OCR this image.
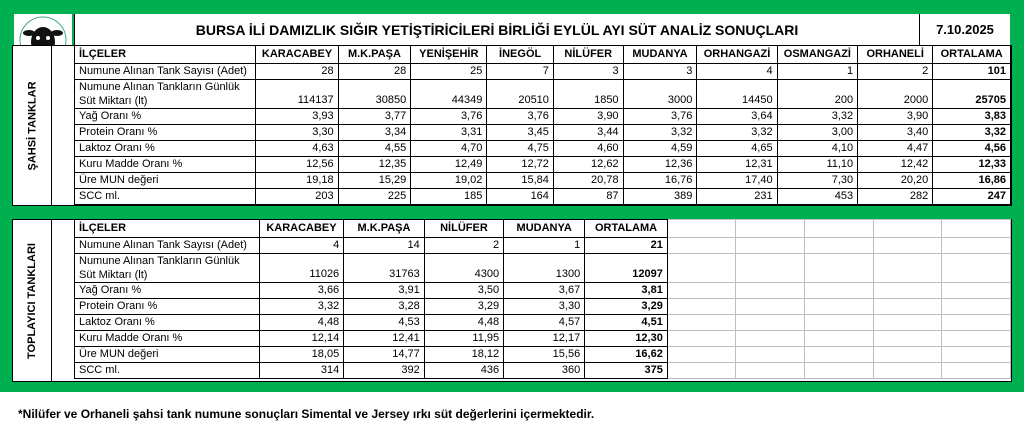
BURSA İLİ DAMIZLIK SIĞIR YETİŞTİRİCİLERİ BİRLİĞİ EYLÜL AYI SÜT ANALİZ SONUÇLARI	7.10.2025
ŞAHSİ TANKLAR
İLÇELER	KARACABEY	M.K.PAŞA	YENİŞEHİR	İNEGÖL	NİLÜFER	MUDANYA	ORHANGAZİ	OSMANGAZİ	ORHANELİ	ORTALAMA
Numune Alınan Tank Sayısı (Adet)	28	28	25	7	3	3	4	1	2	101
Numune Alınan Tankların Günlük
Süt Miktarı (lt)	114137	30850	44349	20510	1850	3000	14450	200	2000	25705
Yağ Oranı %	3,93	3,77	3,76	3,76	3,90	3,76	3,64	3,32	3,90	3,83
Protein Oranı %	3,30	3,34	3,31	3,45	3,44	3,32	3,32	3,00	3,40	3,32
Laktoz Oranı %	4,63	4,55	4,70	4,75	4,60	4,59	4,65	4,10	4,47	4,56
Kuru Madde Oranı %	12,56	12,35	12,49	12,72	12,62	12,36	12,31	11,10	12,42	12,33
Üre MUN değeri	19,18	15,29	19,02	15,84	20,78	16,76	17,40	7,30	20,20	16,86
SCC ml.	203	225	185	164	87	389	231	453	282	247
TOPLAYICI TANKLARI
İLÇELER	KARACABEY	M.K.PAŞA	NİLÜFER	MUDANYA	ORTALAMA					
Numune Alınan Tank Sayısı (Adet)	4	14	2	1	21					
Numune Alınan Tankların Günlük
Süt Miktarı (lt)	11026	31763	4300	1300	12097					
Yağ Oranı %	3,66	3,91	3,50	3,67	3,81					
Protein Oranı %	3,32	3,28	3,29	3,30	3,29					
Laktoz Oranı %	4,48	4,53	4,48	4,57	4,51					
Kuru Madde Oranı %	12,14	12,41	11,95	12,17	12,30					
Üre MUN değeri	18,05	14,77	18,12	15,56	16,62					
SCC ml.	314	392	436	360	375					
*Nilüfer ve Orhaneli şahsi tank numune sonuçları Simental ve Jersey ırkı süt değerlerini içermektedir.
